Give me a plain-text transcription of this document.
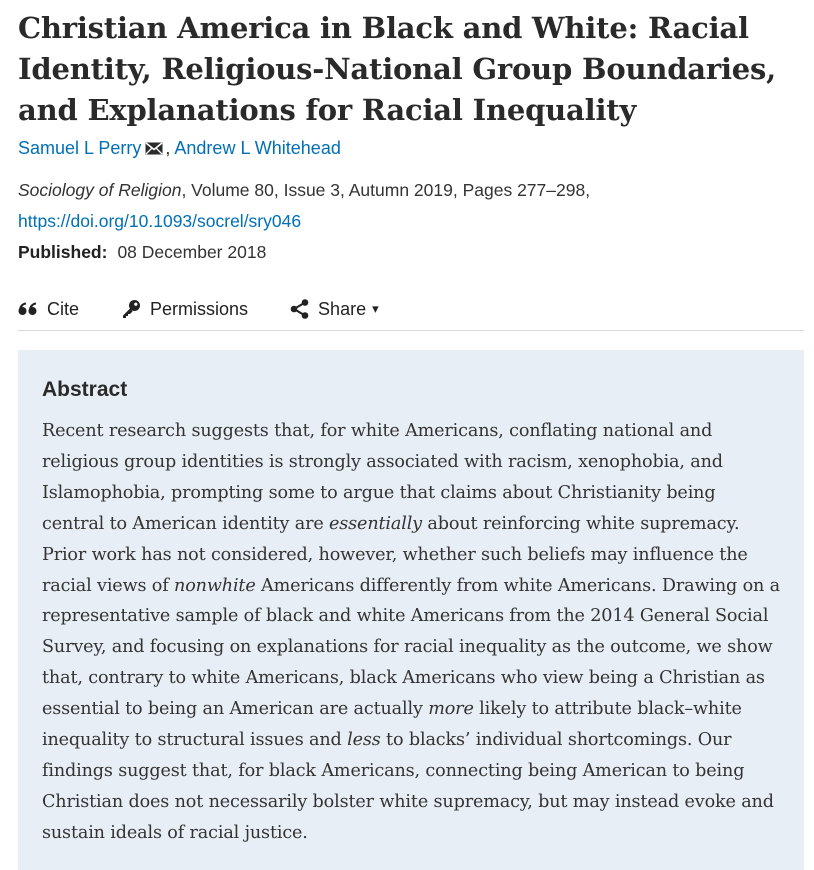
Christian America in Black and White: Racial Identity, Religious-National Group Boundaries, and Explanations for Racial Inequality
Samuel L Perry , Andrew L Whitehead
Sociology of Religion, Volume 80, Issue 3, Autumn 2019, Pages 277–298,
https://doi.org/10.1093/socrel/sry046
Published: 08 December 2018
Cite	Permissions	Share ▾
Abstract

Recent research suggests that, for white Americans, conflating national and religious group identities is strongly associated with racism, xenophobia, and Islamophobia, prompting some to argue that claims about Christianity being central to American identity are essentially about reinforcing white supremacy. Prior work has not considered, however, whether such beliefs may influence the racial views of nonwhite Americans differently from white Americans. Drawing on a representative sample of black and white Americans from the 2014 General Social Survey, and focusing on explanations for racial inequality as the outcome, we show that, contrary to white Americans, black Americans who view being a Christian as essential to being an American are actually more likely to attribute black–white inequality to structural issues and less to blacks’ individual shortcomings. Our findings suggest that, for black Americans, connecting being American to being Christian does not necessarily bolster white supremacy, but may instead evoke and sustain ideals of racial justice.
